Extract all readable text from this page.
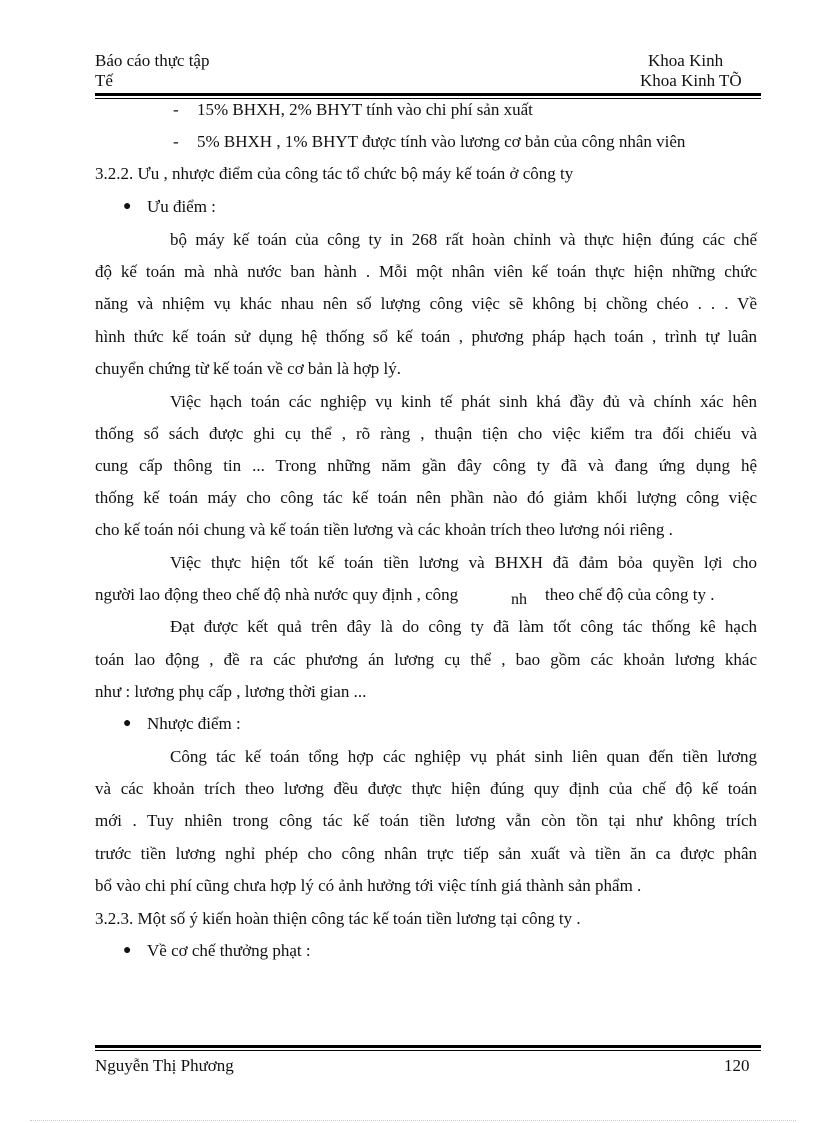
Báo cáo thực tập
Tế
Khoa Kinh
Khoa Kinh TÕ
- 15% BHXH, 2% BHYT tính vào chi phí sản xuất
- 5% BHXH , 1% BHYT được tính vào lương cơ bản của công nhân viên
3.2.2. Ưu , nhược điểm của công tác tổ chức bộ máy kế toán ở công ty
● Ưu điểm :
bộ máy kế toán của công ty in 268 rất hoàn chỉnh và thực hiện đúng các chế
độ kế toán mà nhà nước ban hành . Mỗi một nhân viên kế toán thực hiện những chức
năng và nhiệm vụ khác nhau nên số lượng công việc sẽ không bị chồng chéo . . . Về
hình thức kế toán sử dụng hệ thống sổ kế toán , phương pháp hạch toán , trình tự luân
chuyển chứng từ kế toán về cơ bản là hợp lý.
Việc hạch toán các nghiệp vụ kinh tế phát sinh khá đầy đủ và chính xác hên
thống sổ sách được ghi cụ thể , rõ ràng , thuận tiện cho việc kiểm tra đối chiếu và
cung cấp thông tin ... Trong những năm gần đây công ty đã và đang ứng dụng hệ
thống kế toán máy cho công tác kế toán nên phần nào đó giảm khối lượng công việc
cho kế toán nói chung và kế toán tiền lương và các khoản trích theo lương nói riêng .
Việc thực hiện tốt kế toán tiền lương và BHXH đã đảm bỏa quyền lợi cho
người lao động theo chế độ nhà nước quy định , công	nh theo chế độ của công ty .
Đạt được kết quả trên đây là do công ty đã làm tốt công tác thống kê hạch
toán lao động , đề ra các phương án lương cụ thể , bao gồm các khoản lương khác
như : lương phụ cấp , lương thời gian ...
● Nhược điểm :
Công tác kế toán tổng hợp các nghiệp vụ phát sinh liên quan đến tiền lương
và các khoản trích theo lương đều được thực hiện đúng quy định của chế độ kế toán
mới . Tuy nhiên trong công tác kế toán tiền lương vẫn còn tồn tại như không trích
trước tiền lương nghỉ phép cho công nhân trực tiếp sản xuất và tiền ăn ca được phân
bổ vào chi phí cũng chưa hợp lý có ảnh hưởng tới việc tính giá thành sản phẩm .
3.2.3. Một số ý kiến hoàn thiện công tác kế toán tiền lương tại công ty .
● Về cơ chế thưởng phạt :
Nguyễn Thị Phương	120
